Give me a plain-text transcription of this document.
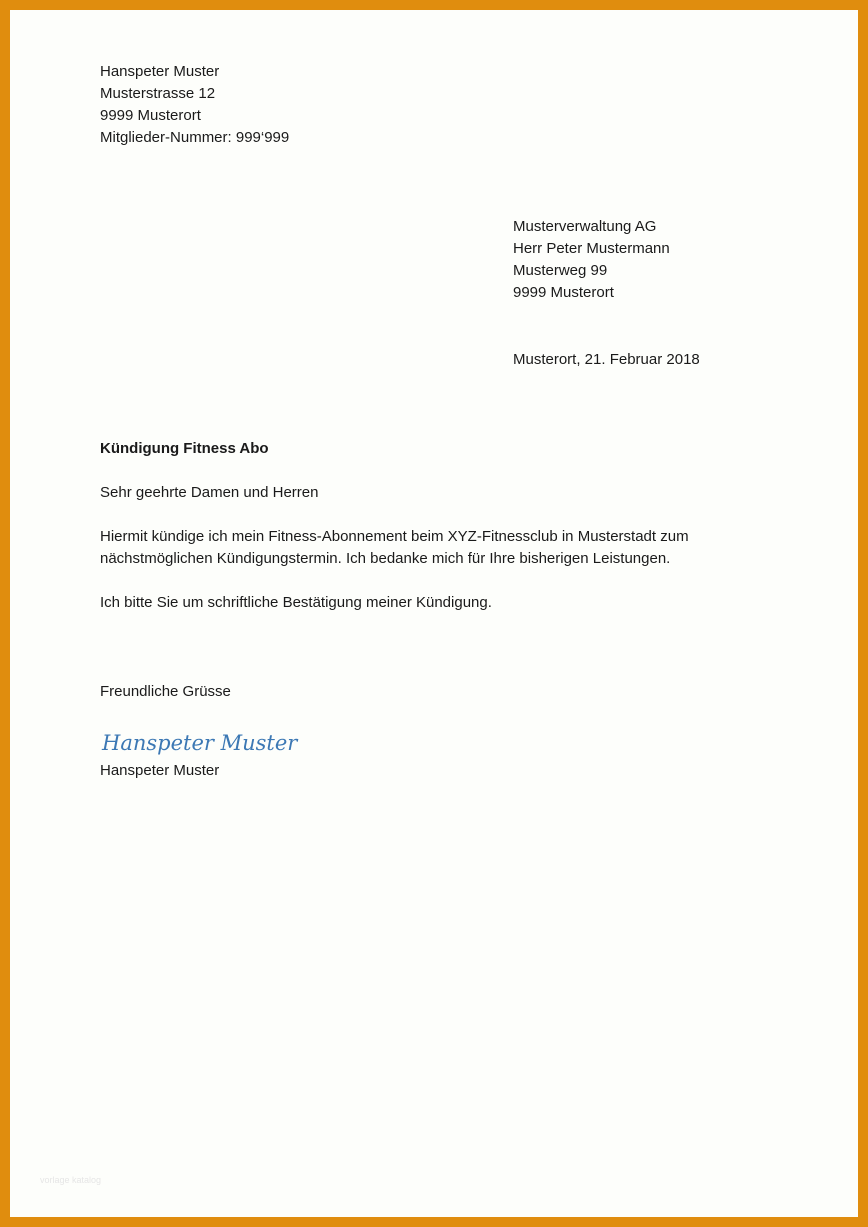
Hanspeter Muster
Musterstrasse 12
9999 Musterort
Mitglieder-Nummer: 999‘999
Musterverwaltung AG
Herr Peter Mustermann
Musterweg 99
9999 Musterort
Musterort, 21. Februar 2018
Kündigung Fitness Abo
Sehr geehrte Damen und Herren
Hiermit kündige ich mein Fitness-Abonnement beim XYZ-Fitnessclub in Musterstadt zum
nächstmöglichen Kündigungstermin. Ich bedanke mich für Ihre bisherigen Leistungen.
Ich bitte Sie um schriftliche Bestätigung meiner Kündigung.
Freundliche Grüsse
Hanspeter Muster
Hanspeter Muster
vorlage katalog
